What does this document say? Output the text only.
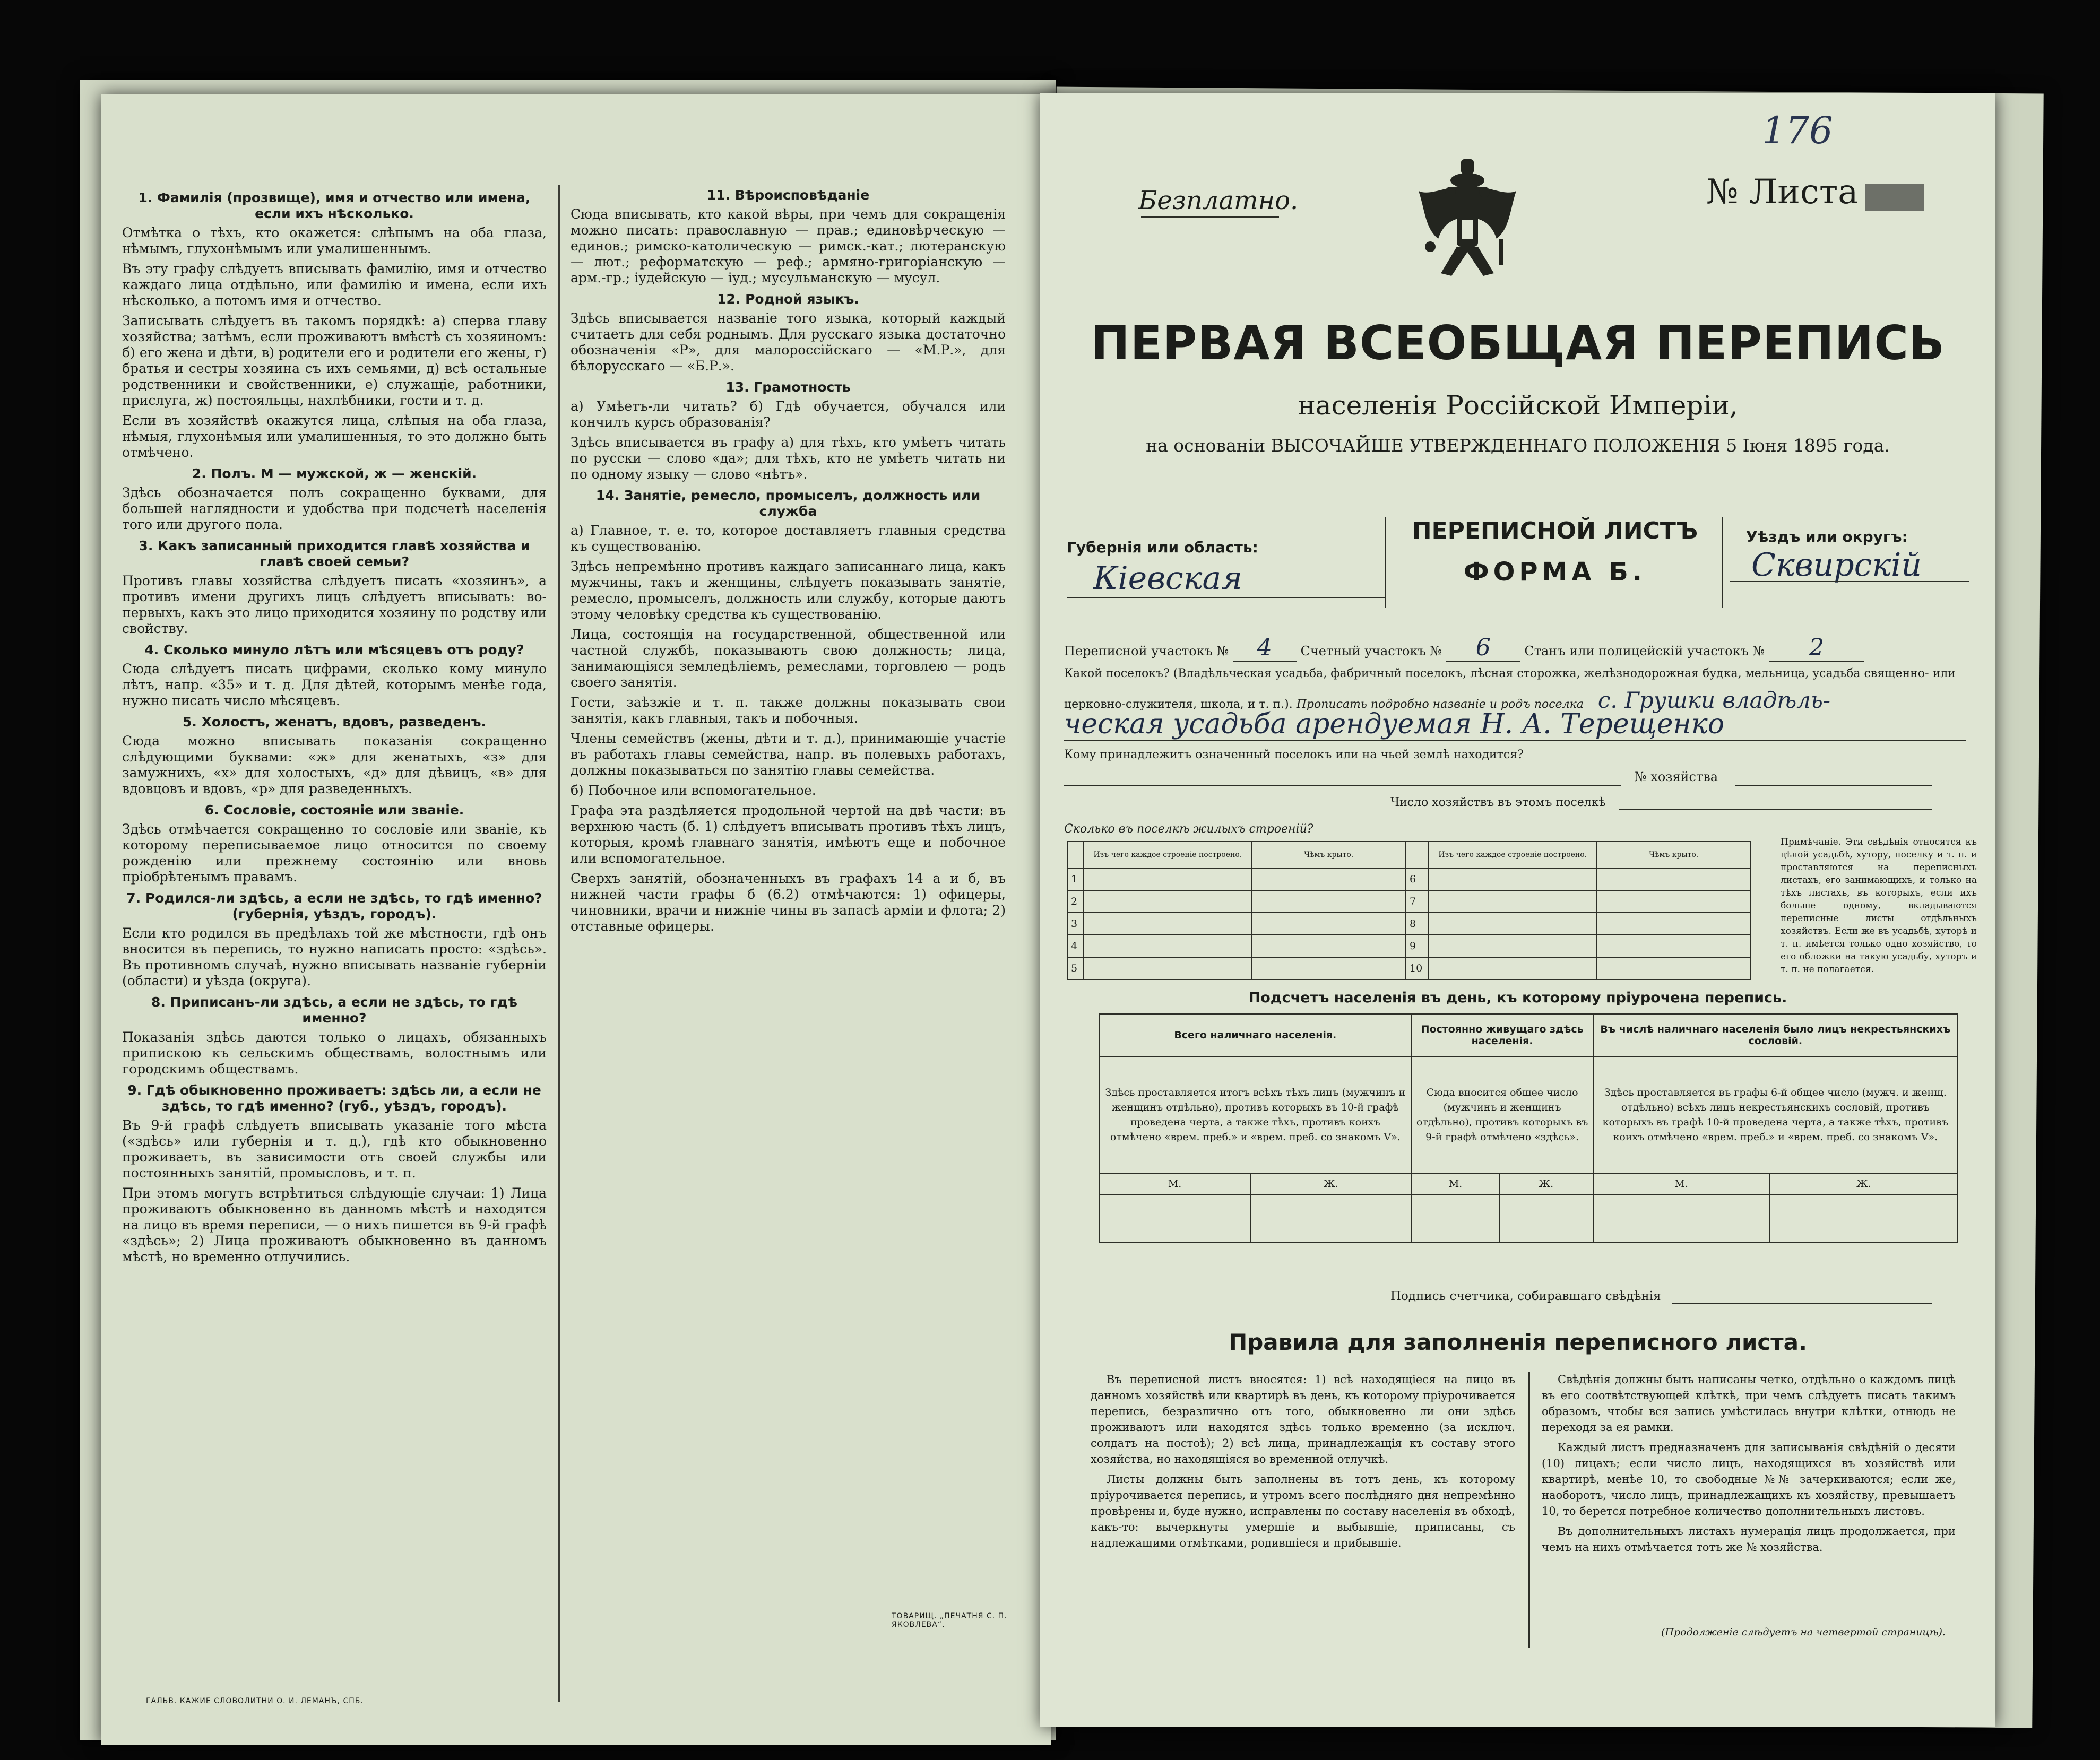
1. Фамилія (прозвище), имя и отчество или имена, если ихъ нѣсколько.

Отмѣтка о тѣхъ, кто окажется: слѣпымъ на оба глаза, нѣмымъ, глухонѣмымъ или умалишеннымъ.

Въ эту графу слѣдуетъ вписывать фамилію, имя и отчество каждаго лица отдѣльно, или фамилію и имена, если ихъ нѣсколько, а потомъ имя и отчество.

Записывать слѣдуетъ въ такомъ порядкѣ: а) сперва главу хозяйства; затѣмъ, если проживаютъ вмѣстѣ съ хозяиномъ: б) его жена и дѣти, в) родители его и родители его жены, г) братья и сестры хозяина съ ихъ семьями, д) всѣ остальные родственники и свойственники, е) служащіе, работники, прислуга, ж) постояльцы, нахлѣбники, гости и т. д.

Если въ хозяйствѣ окажутся лица, слѣпыя на оба глаза, нѣмыя, глухонѣмыя или умалишенныя, то это должно быть отмѣчено.

2. Полъ. М — мужской, ж — женскій.

Здѣсь обозначается полъ сокращенно буквами, для большей наглядности и удобства при подсчетѣ населенія того или другого пола.

3. Какъ записанный приходится главѣ хозяйства и главѣ своей семьи?

Противъ главы хозяйства слѣдуетъ писать «хозяинъ», а противъ имени другихъ лицъ слѣдуетъ вписывать: во-первыхъ, какъ это лицо приходится хозяину по родству или свойству.

4. Сколько минуло лѣтъ или мѣсяцевъ отъ роду?

Сюда слѣдуетъ писать цифрами, сколько кому минуло лѣтъ, напр. «35» и т. д. Для дѣтей, которымъ менѣе года, нужно писать число мѣсяцевъ.

5. Холостъ, женатъ, вдовъ, разведенъ.

Сюда можно вписывать показанія сокращенно слѣдующими буквами: «ж» для женатыхъ, «з» для замужнихъ, «х» для холостыхъ, «д» для дѣвицъ, «в» для вдовцовъ и вдовъ, «р» для разведенныхъ.

6. Сословіе, состояніе или званіе.

Здѣсь отмѣчается сокращенно то сословіе или званіе, къ которому переписываемое лицо относится по своему рожденію или прежнему состоянію или вновь пріобрѣтенымъ правамъ.

7. Родился-ли здѣсь, а если не здѣсь, то гдѣ именно? (губернія, уѣздъ, городъ).

Если кто родился въ предѣлахъ той же мѣстности, гдѣ онъ вносится въ перепись, то нужно написать просто: «здѣсь». Въ противномъ случаѣ, нужно вписывать названіе губерніи (области) и уѣзда (округа).

8. Приписанъ-ли здѣсь, а если не здѣсь, то гдѣ именно?

Показанія здѣсь даются только о лицахъ, обязанныхъ припискою къ сельскимъ обществамъ, волостнымъ или городскимъ обществамъ.

9. Гдѣ обыкновенно проживаетъ: здѣсь ли, а если не здѣсь, то гдѣ именно? (губ., уѣздъ, городъ).

Въ 9-й графѣ слѣдуетъ вписывать указаніе того мѣста («здѣсь» или губернія и т. д.), гдѣ кто обыкновенно проживаетъ, въ зависимости отъ своей службы или постоянныхъ занятій, промысловъ, и т. п.

При этомъ могутъ встрѣтиться слѣдующіе случаи: 1) Лица проживаютъ обыкновенно въ данномъ мѣстѣ и находятся на лицо въ время переписи, — о нихъ пишется въ 9-й графѣ «здѣсь»; 2) Лица проживаютъ обыкновенно въ данномъ мѣстѣ, но временно отлучились.

11. Вѣроисповѣданіе

Сюда вписывать, кто какой вѣры, при чемъ для сокращенія можно писать: православную — прав.; единовѣрческую — единов.; римско-католическую — римск.-кат.; лютеранскую — лют.; реформатскую — реф.; армяно-григоріанскую — арм.-гр.; іудейскую — іуд.; мусульманскую — мусул.

12. Родной языкъ.

Здѣсь вписывается названіе того языка, который каждый считаетъ для себя роднымъ. Для русскаго языка достаточно обозначенія «Р», для малороссійскаго — «М.Р.», для бѣлорусскаго — «Б.Р.».

13. Грамотность

а) Умѣетъ-ли читать? б) Гдѣ обучается, обучался или кончилъ курсъ образованія?

Здѣсь вписывается въ графу а) для тѣхъ, кто умѣетъ читать по русски — слово «да»; для тѣхъ, кто не умѣетъ читать ни по одному языку — слово «нѣтъ».

14. Занятіе, ремесло, промыселъ, должность или служба

а) Главное, т. е. то, которое доставляетъ главныя средства къ существованію.

Здѣсь непремѣнно противъ каждаго записаннаго лица, какъ мужчины, такъ и женщины, слѣдуетъ показывать занятіе, ремесло, промыселъ, должность или службу, которые даютъ этому человѣку средства къ существованію.

Лица, состоящія на государственной, общественной или частной службѣ, показываютъ свою должность; лица, занимающіяся земледѣліемъ, ремеслами, торговлею — родъ своего занятія.

Гости, заѣзжіе и т. п. также должны показывать свои занятія, какъ главныя, такъ и побочныя.

Члены семействъ (жены, дѣти и т. д.), принимающіе участіе въ работахъ главы семейства, напр. въ полевыхъ работахъ, должны показываться по занятію главы семейства.

б) Побочное или вспомогательное.

Графа эта раздѣляется продольной чертой на двѣ части: въ верхнюю часть (б. 1) слѣдуетъ вписывать противъ тѣхъ лицъ, которыя, кромѣ главнаго занятія, имѣютъ еще и побочное или вспомогательное.

Сверхъ занятій, обозначенныхъ въ графахъ 14 а и б, въ нижней части графы б (6.2) отмѣчаются: 1) офицеры, чиновники, врачи и нижніе чины въ запасѣ арміи и флота; 2) отставные офицеры.

ГАЛЬВ. КАЖИЕ СЛОВОЛИТНИ О. И. ЛЕМАНЪ, СПБ.
ТОВАРИЩ. „ПЕЧАТНЯ С. П. ЯКОВЛЕВА“.
176
Безплатно.	№ Листа
ПЕРВАЯ ВСЕОБЩАЯ ПЕРЕПИСЬ
населенія Россійской Имперіи,
на основаніи ВЫСОЧАЙШЕ УТВЕРЖДЕННАГО ПОЛОЖЕНІЯ 5 Іюня 1895 года.
Губернія или область:
Кіевская
ПЕРЕПИСНОЙ ЛИСТЪ
ФОРМА Б.
Уѣздъ или округъ:
Сквирскій
Переписной участокъ № 4 Счетный участокъ № 6	Станъ или полицейскій участокъ № 2
Какой поселокъ? (Владѣльческая усадьба, фабричный поселокъ, лѣсная сторожка, желѣзнодорожная будка, мельница, усадьба священно- или
церковно-служителя, школа, и т. п.). Прописать подробно названіе и родъ поселка с. Грушки владѣль-
ческая усадьба арендуемая Н. А. Терещенко
Кому принадлежитъ означенный поселокъ или на чьей землѣ находится?
№ хозяйства
Число хозяйствъ въ этомъ поселкѣ
Сколько въ поселкѣ жилыхъ строеній?
	Изъ чего каждое строеніе построено.	Чѣмъ крыто.		Изъ чего каждое строеніе построено.	Чѣмъ крыто.
1			6		
2			7		
3			8		
4			9		
5			10		
Примѣчаніе. Эти свѣдѣнія относятся къ цѣлой усадьбѣ, хутору, поселку и т. п. и проставляются на переписныхъ листахъ, его занимающихъ, и только на тѣхъ листахъ, въ которыхъ, если ихъ больше одному, вкладываются переписные листы отдѣльныхъ хозяйствъ. Если же въ усадьбѣ, хуторѣ и т. п. имѣется только одно хозяйство, то его обложки на такую усадьбу, хуторъ и т. п. не полагается.
Подсчетъ населенія въ день, къ которому пріурочена перепись.
Всего наличнаго населенія.		Постоянно живущаго здѣсь населенія.		Въ числѣ наличнаго населенія было лицъ некрестьянскихъ сословій.	
Здѣсь проставляется итогъ всѣхъ тѣхъ лицъ (мужчинъ и женщинъ отдѣльно), противъ которыхъ въ 10-й графѣ проведена черта, а также тѣхъ, противъ коихъ отмѣчено «врем. преб.» и «врем. преб. со знакомъ V».		Сюда вносится общее число (мужчинъ и женщинъ отдѣльно), противъ которыхъ въ 9-й графѣ отмѣчено «здѣсь».		Здѣсь проставляется въ графы 6-й общее число (мужч. и женщ. отдѣльно) всѣхъ лицъ некрестьянскихъ сословій, противъ которыхъ въ графѣ 10-й проведена черта, а также тѣхъ, противъ коихъ отмѣчено «врем. преб.» и «врем. преб. со знакомъ V».	
М.	Ж.	М.	Ж.	М.	Ж.

Подпись счетчика, собиравшаго свѣдѣнія
Правила для заполненія переписного листа.

Въ переписной листъ вносятся: 1) всѣ находящіеся на лицо въ данномъ хозяйствѣ или квартирѣ въ день, къ которому пріурочивается перепись, безразлично отъ того, обыкновенно ли они здѣсь проживаютъ или находятся здѣсь только временно (за исключ. солдатъ на постоѣ); 2) всѣ лица, принадлежащія къ составу этого хозяйства, но находящіяся во временной отлучкѣ.

Листы должны быть заполнены въ тотъ день, къ которому пріурочивается перепись, и утромъ всего послѣдняго дня непремѣнно провѣрены и, буде нужно, исправлены по составу населенія въ обходѣ, какъ-то: вычеркнуты умершіе и выбывшіе, приписаны, съ надлежащими отмѣтками, родившіеся и прибывшіе.

Свѣдѣнія должны быть написаны четко, отдѣльно о каждомъ лицѣ въ его соотвѣтствующей клѣткѣ, при чемъ слѣдуетъ писать такимъ образомъ, чтобы вся запись умѣстилась внутри клѣтки, отнюдь не переходя за ея рамки.

Каждый листъ предназначенъ для записыванія свѣдѣній о десяти (10) лицахъ; если число лицъ, находящихся въ хозяйствѣ или квартирѣ, менѣе 10, то свободные №№ зачеркиваются; если же, наоборотъ, число лицъ, принадлежащихъ къ хозяйству, превышаетъ 10, то берется потребное количество дополнительныхъ листовъ.

Въ дополнительныхъ листахъ нумерація лицъ продолжается, при чемъ на нихъ отмѣчается тотъ же № хозяйства.

(Продолженіе слѣдуетъ на четвертой страницѣ).
